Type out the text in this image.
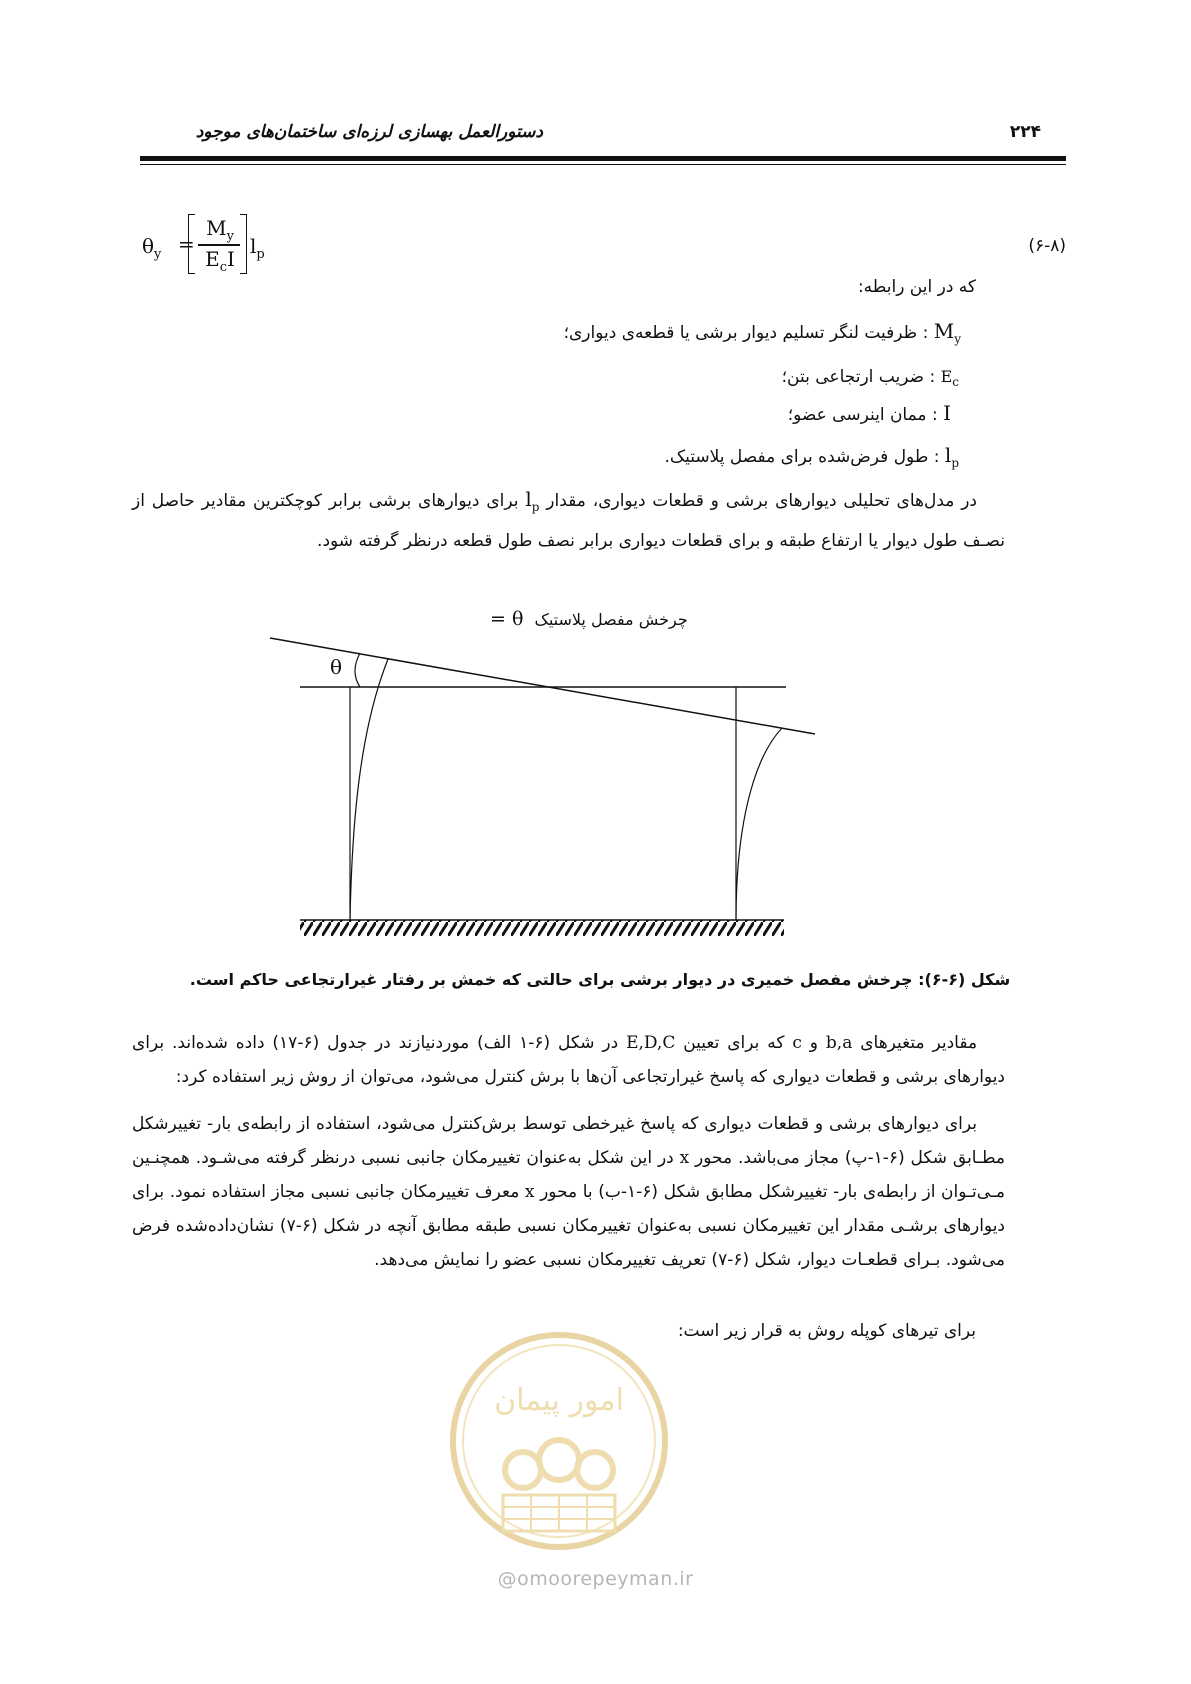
دستورالعمل بهسازی لرزه‌ای ساختمان‌های موجود	۲۲۴
$\theta_y$ =
$M_y$
$E_cI$
$l_p$	(۶-۸)
که در این رابطه:
$M_y$ : ظرفیت لنگر تسلیم دیوار برشی یا قطعه‌ی دیواری؛
$E_c$ : ضریب ارتجاعی بتن؛
I : ممان اینرسی عضو؛
$l_p$ : طول فرض‌شده برای مفصل پلاستیک.
در مدل‌های تحلیلی دیوارهای برشی و قطعات دیواری، مقدار $l_p$ برای دیوارهای برشی برابر کوچکترین مقادیر حاصل از نصـف طول دیوار یا ارتفاع طبقه و برای قطعات دیواری برابر نصف طول قطعه درنظر گرفته شود.
= θ چرخش مفصل پلاستیک
θ
شکل (۶-۶): چرخش مفصل خمیری در دیوار برشی برای حالتی که خمش بر رفتار غیرارتجاعی حاکم است.
مقادیر متغیرهای b,a و c که برای تعیین E,D,C در شکل (۶-۱ الف) موردنیازند در جدول (۶-۱۷) داده شده‌اند. برای دیوارهای برشی و قطعات دیواری که پاسخ غیرارتجاعی آن‌ها با برش کنترل می‌شود، می‌توان از روش زیر استفاده کرد:
برای دیوارهای برشی و قطعات دیواری که پاسخ غیرخطی توسط برش‌کنترل می‌شود، استفاده از رابطه‌ی بار- تغییرشکل مطـابق شکل (۶-۱-پ) مجاز می‌باشد. محور x در این شکل به‌عنوان تغییرمکان جانبی نسبی درنظر گرفته می‌شـود. همچنـین مـی‌تـوان از رابطه‌ی بار- تغییرشکل مطابق شکل (۶-۱-ب) با محور x معرف تغییرمکان جانبی نسبی مجاز استفاده نمود. برای دیوارهای برشـی مقدار این تغییرمکان نسبی به‌عنوان تغییرمکان نسبی طبقه مطابق آنچه در شکل (۶-۷) نشان‌داده‌شده فرض می‌شود. بـرای قطعـات دیوار، شکل (۶-۷) تعریف تغییرمکان نسبی عضو را نمایش می‌دهد.
برای تیرهای کوپله روش به قرار زیر است:
امور پیمان
@omoorepeyman.ir
